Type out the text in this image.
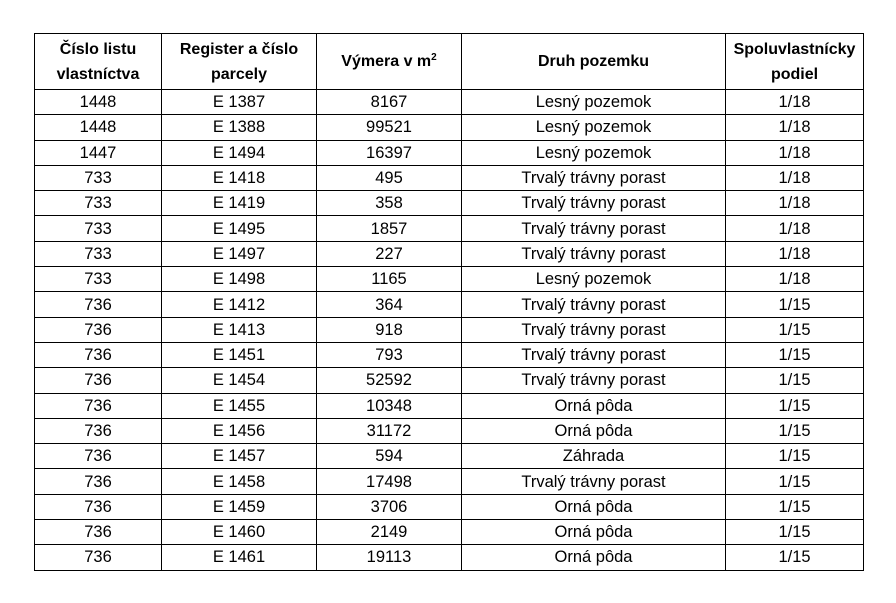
Číslo listu vlastníctva	Register a číslo parcely	Výmera v $m^2$	Druh pozemku	Spoluvlastnícky podiel
1448	E 1387	8167	Lesný pozemok	1/18
1448	E 1388	99521	Lesný pozemok	1/18
1447	E 1494	16397	Lesný pozemok	1/18
733	E 1418	495	Trvalý trávny porast	1/18
733	E 1419	358	Trvalý trávny porast	1/18
733	E 1495	1857	Trvalý trávny porast	1/18
733	E 1497	227	Trvalý trávny porast	1/18
733	E 1498	1165	Lesný pozemok	1/18
736	E 1412	364	Trvalý trávny porast	1/15
736	E 1413	918	Trvalý trávny porast	1/15
736	E 1451	793	Trvalý trávny porast	1/15
736	E 1454	52592	Trvalý trávny porast	1/15
736	E 1455	10348	Orná pôda	1/15
736	E 1456	31172	Orná pôda	1/15
736	E 1457	594	Záhrada	1/15
736	E 1458	17498	Trvalý trávny porast	1/15
736	E 1459	3706	Orná pôda	1/15
736	E 1460	2149	Orná pôda	1/15
736	E 1461	19113	Orná pôda	1/15
